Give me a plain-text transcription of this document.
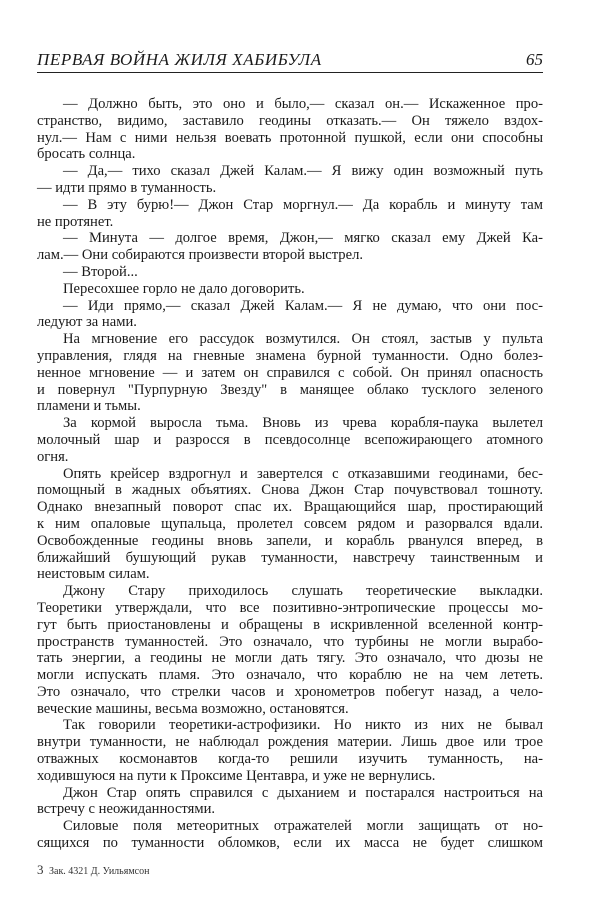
ПЕРВАЯ ВОЙНА ЖИЛЯ ХАБИБУЛА	65
— Должно быть, это оно и было,— сказал он.— Искаженное про-
странство, видимо, заставило геодины отказать.— Он тяжело вздох-
нул.— Нам с ними нельзя воевать протонной пушкой, если они способны
бросать солнца.
— Да,— тихо сказал Джей Калам.— Я вижу один возможный путь
— идти прямо в туманность.
— В эту бурю!— Джон Стар моргнул.— Да корабль и минуту там
не протянет.
— Минута — долгое время, Джон,— мягко сказал ему Джей Ка-
лам.— Они собираются произвести второй выстрел.
— Второй...
Пересохшее горло не дало договорить.
— Иди прямо,— сказал Джей Калам.— Я не думаю, что они пос-
ледуют за нами.
На мгновение его рассудок возмутился. Он стоял, застыв у пульта
управления, глядя на гневные знамена бурной туманности. Одно болез-
ненное мгновение — и затем он справился с собой. Он принял опасность
и повернул "Пурпурную Звезду" в манящее облако тусклого зеленого
пламени и тьмы.
За кормой выросла тьма. Вновь из чрева корабля-паука вылетел
молочный шар и разросся в псевдосолнце всепожирающего атомного
огня.
Опять крейсер вздрогнул и завертелся с отказавшими геодинами, бес-
помощный в жадных объятиях. Снова Джон Стар почувствовал тошноту.
Однако внезапный поворот спас их. Вращающийся шар, простирающий
к ним опаловые щупальца, пролетел совсем рядом и разорвался вдали.
Освобожденные геодины вновь запели, и корабль рванулся вперед, в
ближайший бушующий рукав туманности, навстречу таинственным и
неистовым силам.
Джону Стару приходилось слушать теоретические выкладки.
Теоретики утверждали, что все позитивно-энтропические процессы мо-
гут быть приостановлены и обращены в искривленной вселенной контр-
пространств туманностей. Это означало, что турбины не могли вырабо-
тать энергии, а геодины не могли дать тягу. Это означало, что дюзы не
могли испускать пламя. Это означало, что кораблю не на чем лететь.
Это означало, что стрелки часов и хронометров побегут назад, а чело-
веческие машины, весьма возможно, остановятся.
Так говорили теоретики-астрофизики. Но никто из них не бывал
внутри туманности, не наблюдал рождения материи. Лишь двое или трое
отважных космонавтов когда-то решили изучить туманность, на-
ходившуюся на пути к Проксиме Центавра, и уже не вернулись.
Джон Стар опять справился с дыханием и постарался настроиться на
встречу с неожиданностями.
Силовые поля метеоритных отражателей могли защищать от но-
сящихся по туманности обломков, если их масса не будет слишком
3 Зак. 4321 Д. Уильямсон
